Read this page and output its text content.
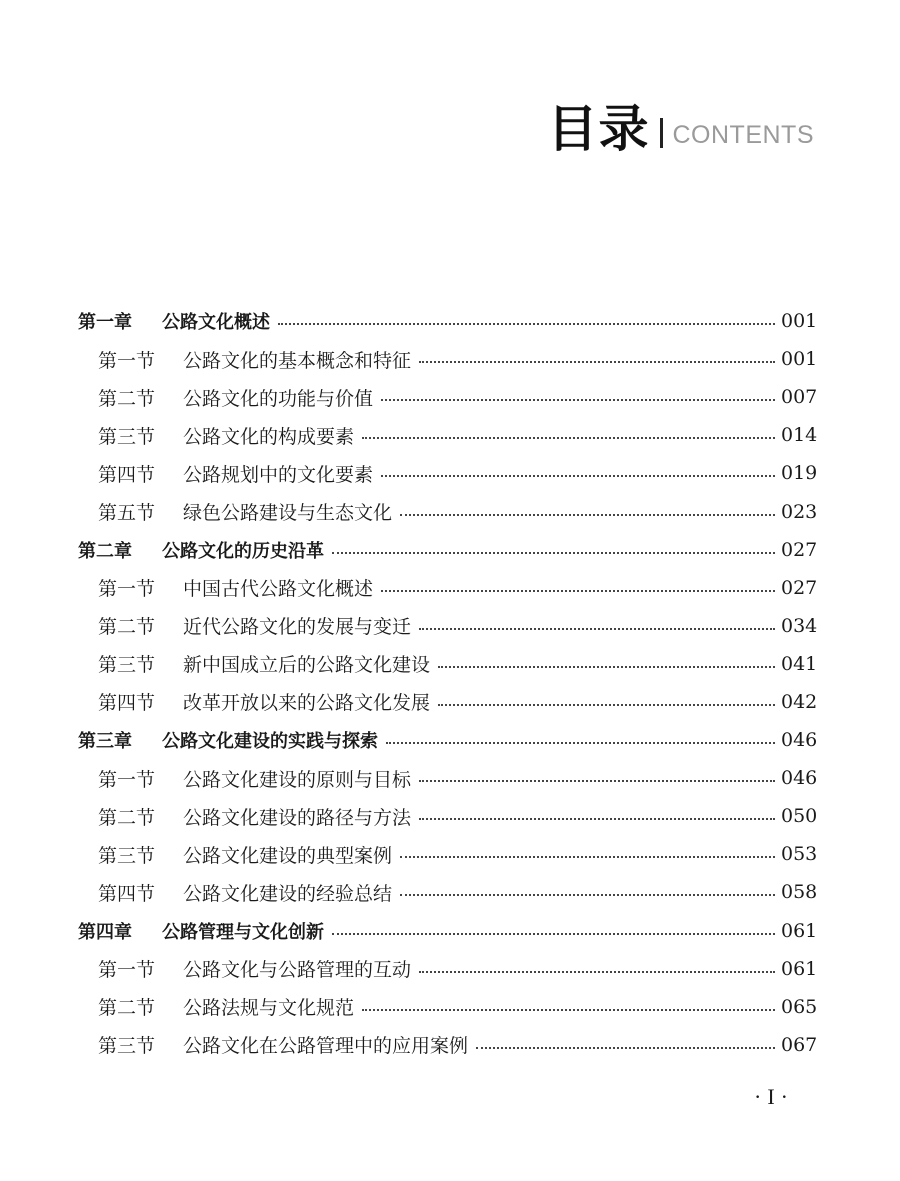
目录 CONTENTS
第一章	公路文化概述	001
第一节	公路文化的基本概念和特征	001
第二节	公路文化的功能与价值	007
第三节	公路文化的构成要素	014
第四节	公路规划中的文化要素	019
第五节	绿色公路建设与生态文化	023
第二章	公路文化的历史沿革	027
第一节	中国古代公路文化概述	027
第二节	近代公路文化的发展与变迁	034
第三节	新中国成立后的公路文化建设	041
第四节	改革开放以来的公路文化发展	042
第三章	公路文化建设的实践与探索	046
第一节	公路文化建设的原则与目标	046
第二节	公路文化建设的路径与方法	050
第三节	公路文化建设的典型案例	053
第四节	公路文化建设的经验总结	058
第四章	公路管理与文化创新	061
第一节	公路文化与公路管理的互动	061
第二节	公路法规与文化规范	065
第三节	公路文化在公路管理中的应用案例	067
·I·
